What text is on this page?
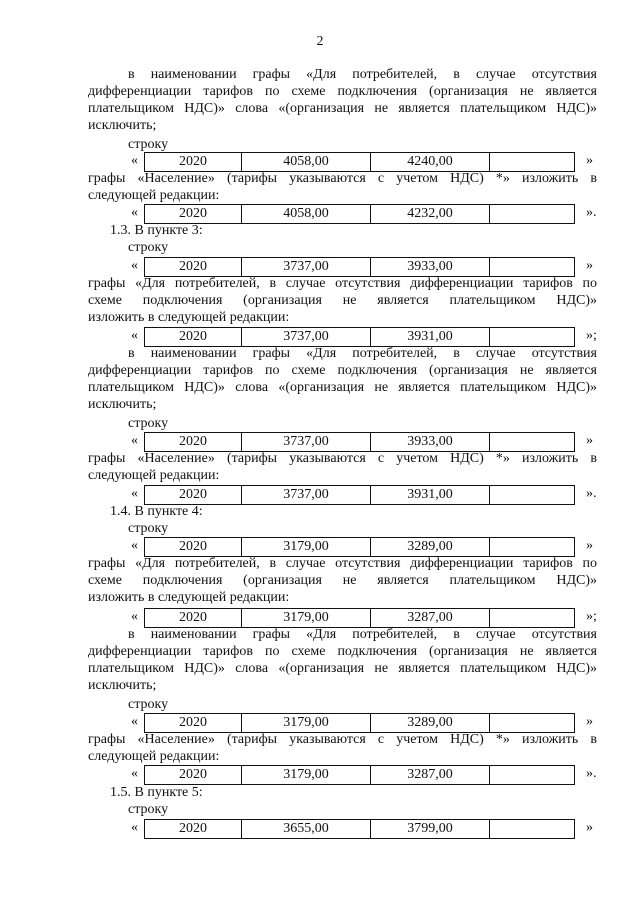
2
в наименовании графы «Для потребителей, в случае отсутствия
дифференциации тарифов по схеме подключения (организация не является
плательщиком НДС)» слова «(организация не является плательщиком НДС)»
исключить;
строку
«	2020	4058,00	4240,00	»
графы «Население» (тарифы указываются с учетом НДС) *» изложить в
следующей редакции:
«	2020	4058,00	4232,00	».
1.3. В пункте 3:
строку
«	2020	3737,00	3933,00	»
графы «Для потребителей, в случае отсутствия дифференциации тарифов по
схеме подключения (организация не является плательщиком НДС)»
изложить в следующей редакции:
«	2020	3737,00	3931,00	»;
в наименовании графы «Для потребителей, в случае отсутствия
дифференциации тарифов по схеме подключения (организация не является
плательщиком НДС)» слова «(организация не является плательщиком НДС)»
исключить;
строку
«	2020	3737,00	3933,00	»
графы «Население» (тарифы указываются с учетом НДС) *» изложить в
следующей редакции:
«	2020	3737,00	3931,00	».
1.4. В пункте 4:
строку
«	2020	3179,00	3289,00	»
графы «Для потребителей, в случае отсутствия дифференциации тарифов по
схеме подключения (организация не является плательщиком НДС)»
изложить в следующей редакции:
«	2020	3179,00	3287,00	»;
в наименовании графы «Для потребителей, в случае отсутствия
дифференциации тарифов по схеме подключения (организация не является
плательщиком НДС)» слова «(организация не является плательщиком НДС)»
исключить;
строку
«	2020	3179,00	3289,00	»
графы «Население» (тарифы указываются с учетом НДС) *» изложить в
следующей редакции:
«	2020	3179,00	3287,00	».
1.5. В пункте 5:
строку
«	2020	3655,00	3799,00	»
